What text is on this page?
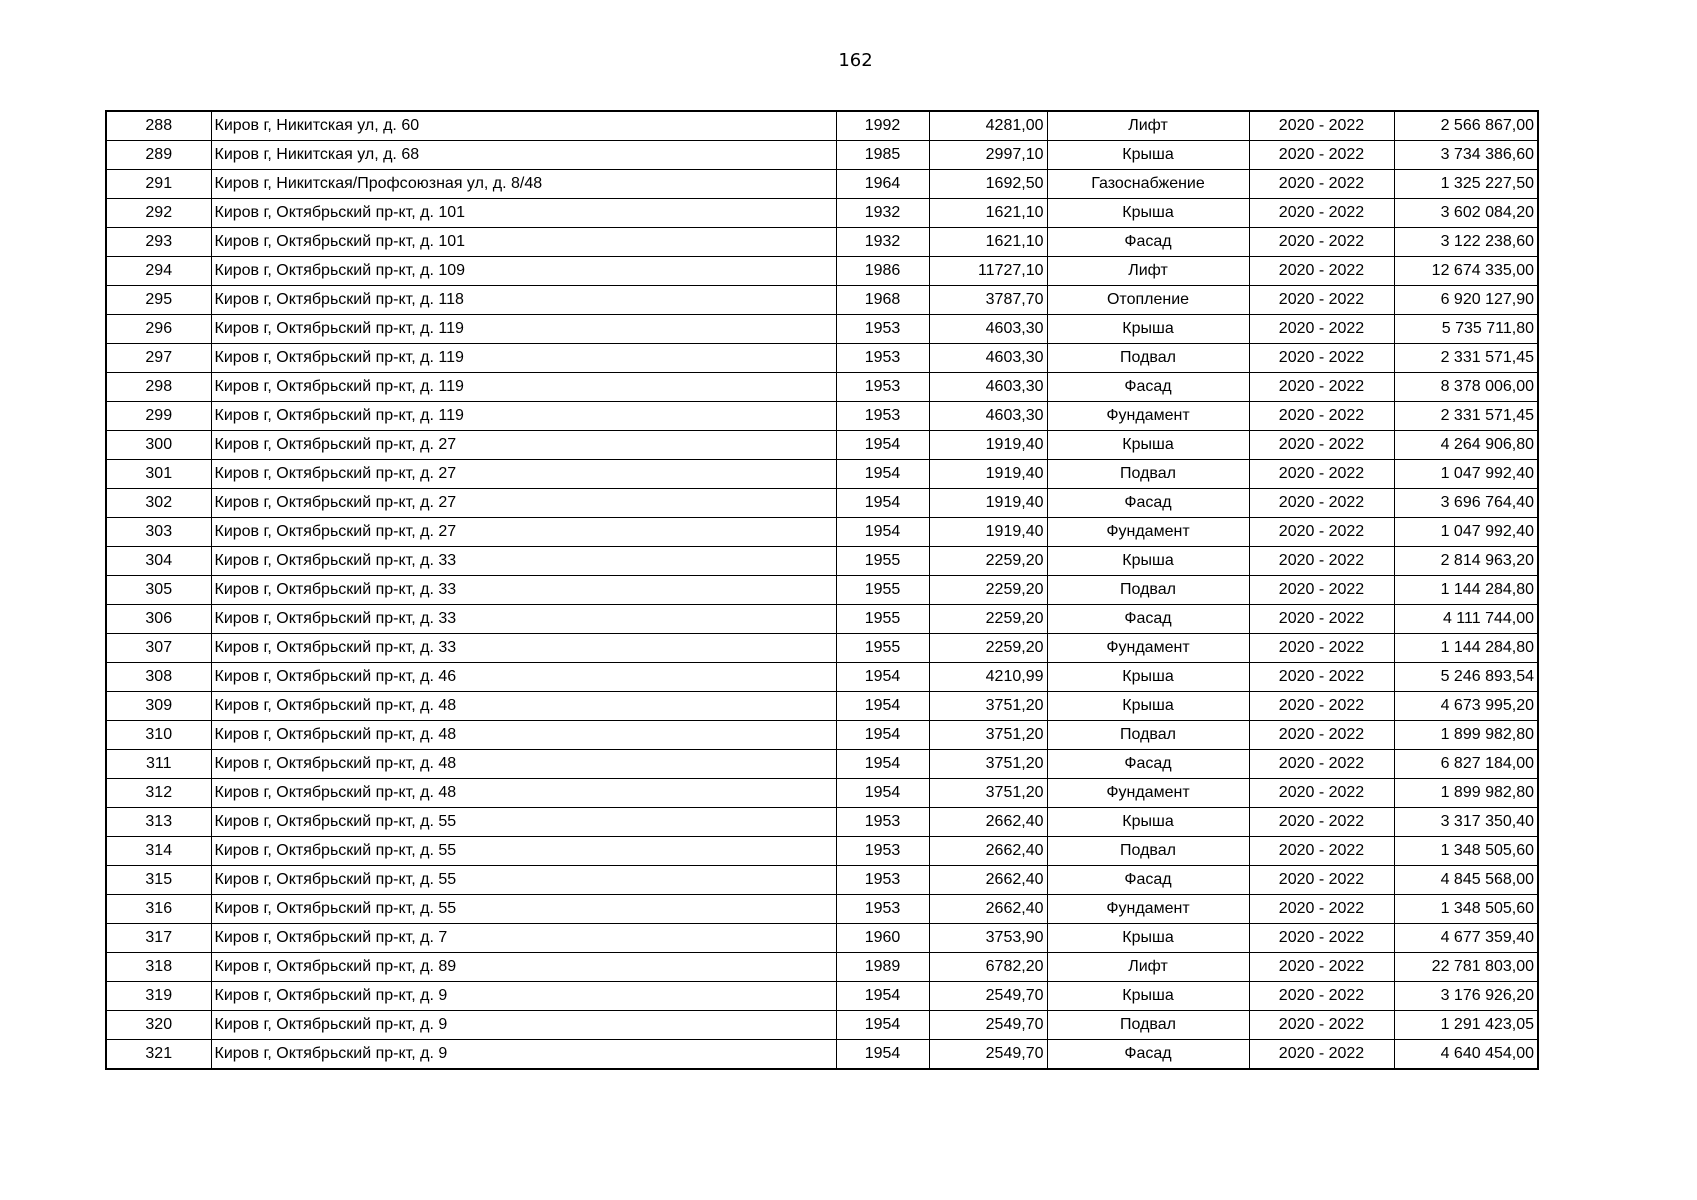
162
288	Киров г, Никитская ул, д. 60	1992	4281,00	Лифт	2020 - 2022	2 566 867,00
289	Киров г, Никитская ул, д. 68	1985	2997,10	Крыша	2020 - 2022	3 734 386,60
291	Киров г, Никитская/Профсоюзная ул, д. 8/48	1964	1692,50	Газоснабжение	2020 - 2022	1 325 227,50
292	Киров г, Октябрьский пр-кт, д. 101	1932	1621,10	Крыша	2020 - 2022	3 602 084,20
293	Киров г, Октябрьский пр-кт, д. 101	1932	1621,10	Фасад	2020 - 2022	3 122 238,60
294	Киров г, Октябрьский пр-кт, д. 109	1986	11727,10	Лифт	2020 - 2022	12 674 335,00
295	Киров г, Октябрьский пр-кт, д. 118	1968	3787,70	Отопление	2020 - 2022	6 920 127,90
296	Киров г, Октябрьский пр-кт, д. 119	1953	4603,30	Крыша	2020 - 2022	5 735 711,80
297	Киров г, Октябрьский пр-кт, д. 119	1953	4603,30	Подвал	2020 - 2022	2 331 571,45
298	Киров г, Октябрьский пр-кт, д. 119	1953	4603,30	Фасад	2020 - 2022	8 378 006,00
299	Киров г, Октябрьский пр-кт, д. 119	1953	4603,30	Фундамент	2020 - 2022	2 331 571,45
300	Киров г, Октябрьский пр-кт, д. 27	1954	1919,40	Крыша	2020 - 2022	4 264 906,80
301	Киров г, Октябрьский пр-кт, д. 27	1954	1919,40	Подвал	2020 - 2022	1 047 992,40
302	Киров г, Октябрьский пр-кт, д. 27	1954	1919,40	Фасад	2020 - 2022	3 696 764,40
303	Киров г, Октябрьский пр-кт, д. 27	1954	1919,40	Фундамент	2020 - 2022	1 047 992,40
304	Киров г, Октябрьский пр-кт, д. 33	1955	2259,20	Крыша	2020 - 2022	2 814 963,20
305	Киров г, Октябрьский пр-кт, д. 33	1955	2259,20	Подвал	2020 - 2022	1 144 284,80
306	Киров г, Октябрьский пр-кт, д. 33	1955	2259,20	Фасад	2020 - 2022	4 111 744,00
307	Киров г, Октябрьский пр-кт, д. 33	1955	2259,20	Фундамент	2020 - 2022	1 144 284,80
308	Киров г, Октябрьский пр-кт, д. 46	1954	4210,99	Крыша	2020 - 2022	5 246 893,54
309	Киров г, Октябрьский пр-кт, д. 48	1954	3751,20	Крыша	2020 - 2022	4 673 995,20
310	Киров г, Октябрьский пр-кт, д. 48	1954	3751,20	Подвал	2020 - 2022	1 899 982,80
311	Киров г, Октябрьский пр-кт, д. 48	1954	3751,20	Фасад	2020 - 2022	6 827 184,00
312	Киров г, Октябрьский пр-кт, д. 48	1954	3751,20	Фундамент	2020 - 2022	1 899 982,80
313	Киров г, Октябрьский пр-кт, д. 55	1953	2662,40	Крыша	2020 - 2022	3 317 350,40
314	Киров г, Октябрьский пр-кт, д. 55	1953	2662,40	Подвал	2020 - 2022	1 348 505,60
315	Киров г, Октябрьский пр-кт, д. 55	1953	2662,40	Фасад	2020 - 2022	4 845 568,00
316	Киров г, Октябрьский пр-кт, д. 55	1953	2662,40	Фундамент	2020 - 2022	1 348 505,60
317	Киров г, Октябрьский пр-кт, д. 7	1960	3753,90	Крыша	2020 - 2022	4 677 359,40
318	Киров г, Октябрьский пр-кт, д. 89	1989	6782,20	Лифт	2020 - 2022	22 781 803,00
319	Киров г, Октябрьский пр-кт, д. 9	1954	2549,70	Крыша	2020 - 2022	3 176 926,20
320	Киров г, Октябрьский пр-кт, д. 9	1954	2549,70	Подвал	2020 - 2022	1 291 423,05
321	Киров г, Октябрьский пр-кт, д. 9	1954	2549,70	Фасад	2020 - 2022	4 640 454,00
